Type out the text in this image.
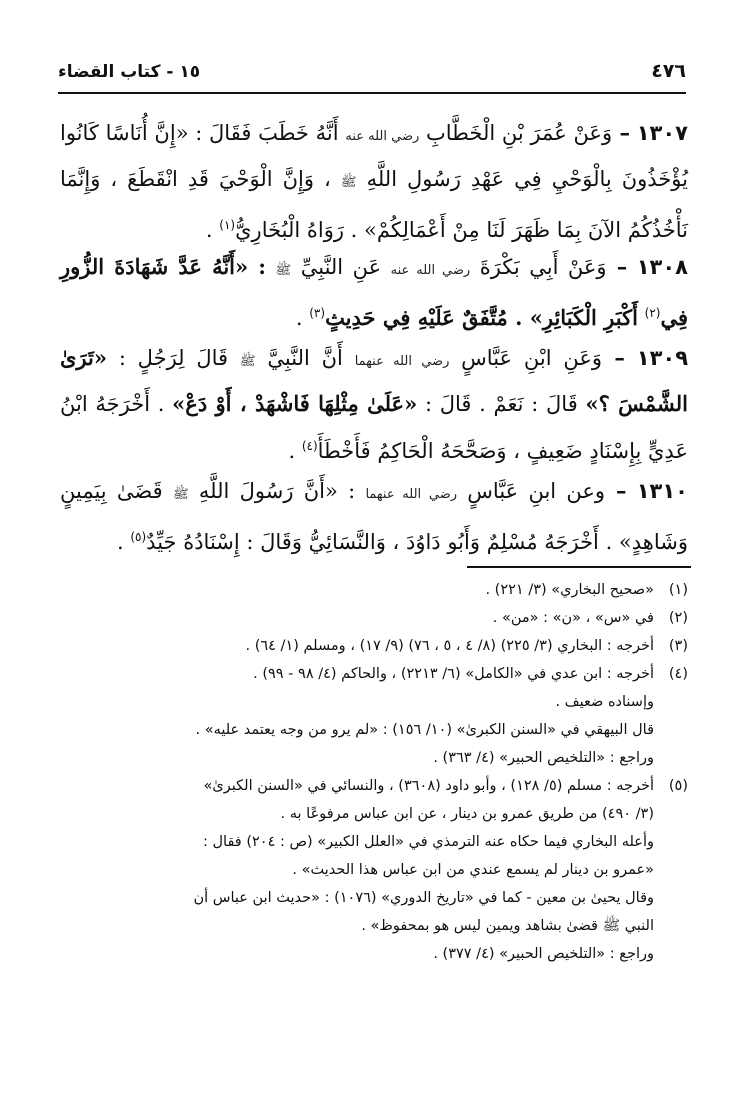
٤٧٦
١٥ - كتاب القضاء
١٣٠٧ – وَعَنْ عُمَرَ بْنِ الْخَطَّابِ رضي الله عنه أَنَّهُ خَطَبَ فَقَالَ : «إِنَّ أُنَاسًا كَانُوا يُؤْخَذُونَ بِالْوَحْيِ فِي عَهْدِ رَسُولِ اللَّهِ ﷺ ، وَإِنَّ الْوَحْيَ قَدِ انْقَطَعَ ، وَإِنَّمَا نَأْخُذُكُمُ الآنَ بِمَا ظَهَرَ لَنَا مِنْ أَعْمَالِكُمْ» . رَوَاهُ الْبُخَارِيُّ$^{(١)}$ .
١٣٠٨ – وَعَنْ أَبِي بَكْرَةَ رضي الله عنه عَنِ النَّبِيِّ ﷺ : «أَنَّهُ عَدَّ شَهَادَةَ الزُّورِ فِي$^{(٢)}$ أَكْبَرِ الْكَبَائِرِ» . مُتَّفَقٌ عَلَيْهِ فِي حَدِيثٍ$^{(٣)}$ .
١٣٠٩ – وَعَنِ ابْنِ عَبَّاسٍ رضي الله عنهما أَنَّ النَّبِيَّ ﷺ قَالَ لِرَجُلٍ : «تَرَىٰ الشَّمْسَ ؟» قَالَ : نَعَمْ . قَالَ : «عَلَىٰ مِثْلِهَا فَاشْهَدْ ، أَوْ دَعْ» . أَخْرَجَهُ ابْنُ عَدِيٍّ بِإِسْنَادٍ ضَعِيفٍ ، وَصَحَّحَهُ الْحَاكِمُ فَأَخْطَأَ$^{(٤)}$ .
١٣١٠ – وعن ابنِ عَبَّاسٍ رضي الله عنهما : «أَنَّ رَسُولَ اللَّهِ ﷺ قَضَىٰ بِيَمِينٍ وَشَاهِدٍ» . أَخْرَجَهُ مُسْلِمٌ وَأَبُو دَاوُدَ ، وَالنَّسَائِيُّ وَقَالَ : إِسْنَادُهُ جَيِّدٌ$^{(٥)}$ .
(١)
«صحيح البخاري» (٣/ ٢٢١) .
(٢)
في «س» ، «ن» : «من» .
(٣)
أخرجه : البخاري (٣/ ٢٢٥) (٨/ ٤ ، ٥ ، ٧٦) (٩/ ١٧) ، ومسلم (١/ ٦٤) .
(٤)
أخرجه : ابن عدي في «الكامل» (٦/ ٢٢١٣) ، والحاكم (٤/ ٩٨ - ٩٩) .
وإسناده ضعيف .
قال البيهقي في «السنن الكبرىٰ» (١٠/ ١٥٦) : «لم يرو من وجه يعتمد عليه» .
وراجع : «التلخيص الحبير» (٤/ ٣٦٣) .
(٥)
أخرجه : مسلم (٥/ ١٢٨) ، وأبو داود (٣٦٠٨) ، والنسائي في «السنن الكبرىٰ»
(٣/ ٤٩٠) من طريق عمرو بن دينار ، عن ابن عباس مرفوعًا به .
وأعله البخاري فيما حكاه عنه الترمذي في «العلل الكبير» (ص : ٢٠٤) فقال :
«عمرو بن دينار لم يسمع عندي من ابن عباس هذا الحديث» .
وقال يحيىٰ بن معين - كما في «تاريخ الدوري» (١٠٧٦) : «حديث ابن عباس أن
النبي ﷺ قضىٰ بشاهد ويمين ليس هو بمحفوظ» .
وراجع : «التلخيص الحبير» (٤/ ٣٧٧) .
